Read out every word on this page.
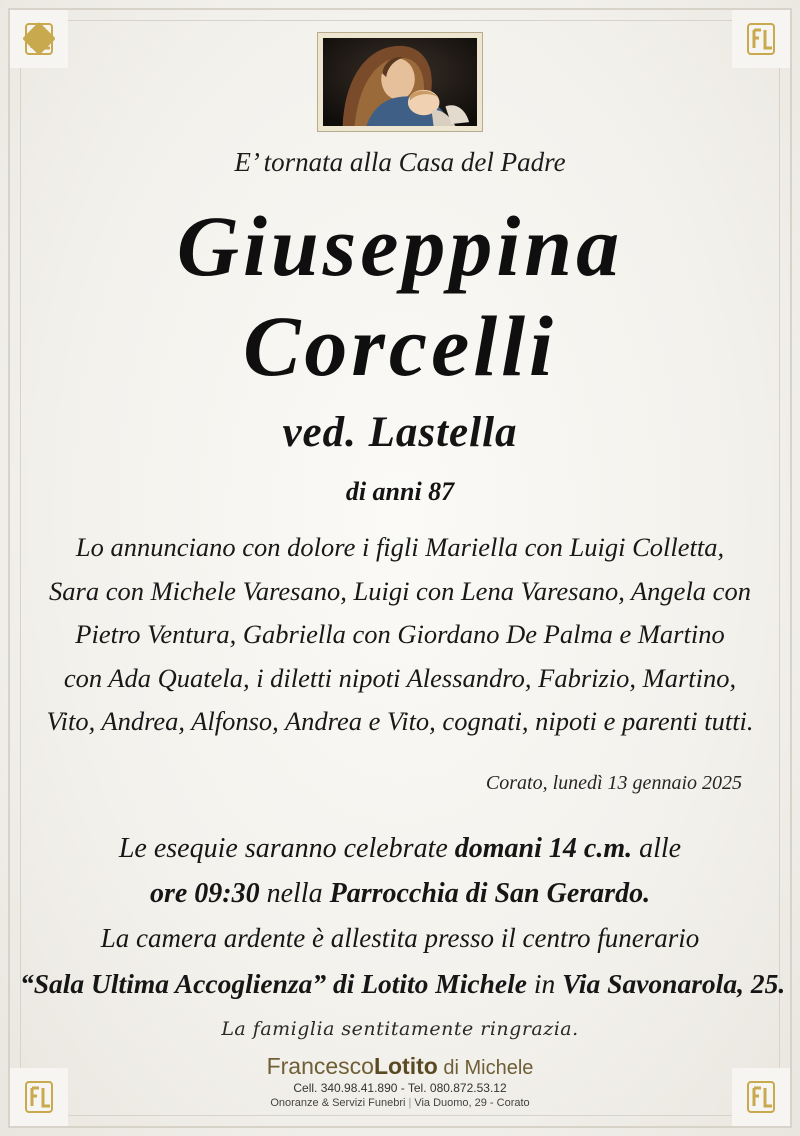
E’ tornata alla Casa del Padre
Giuseppina
Corcelli
ved. Lastella
di anni 87
Lo annunciano con dolore i figli Mariella con Luigi Colletta,
Sara con Michele Varesano, Luigi con Lena Varesano, Angela con
Pietro Ventura, Gabriella con Giordano De Palma e Martino
con Ada Quatela, i diletti nipoti Alessandro, Fabrizio, Martino,
Vito, Andrea, Alfonso, Andrea e Vito, cognati, nipoti e parenti tutti.
Corato, lunedì 13 gennaio 2025
Le esequie saranno celebrate domani 14 c.m. alle
ore 09:30 nella Parrocchia di San Gerardo.
La camera ardente è allestita presso il centro funerario
“Sala Ultima Accoglienza” di Lotito Michele in Via Savonarola, 25.
La famiglia sentitamente ringrazia.
FrancescoLotito di Michele
Cell. 340.98.41.890 - Tel. 080.872.53.12
Onoranze & Servizi Funebri | Via Duomo, 29 - Corato
